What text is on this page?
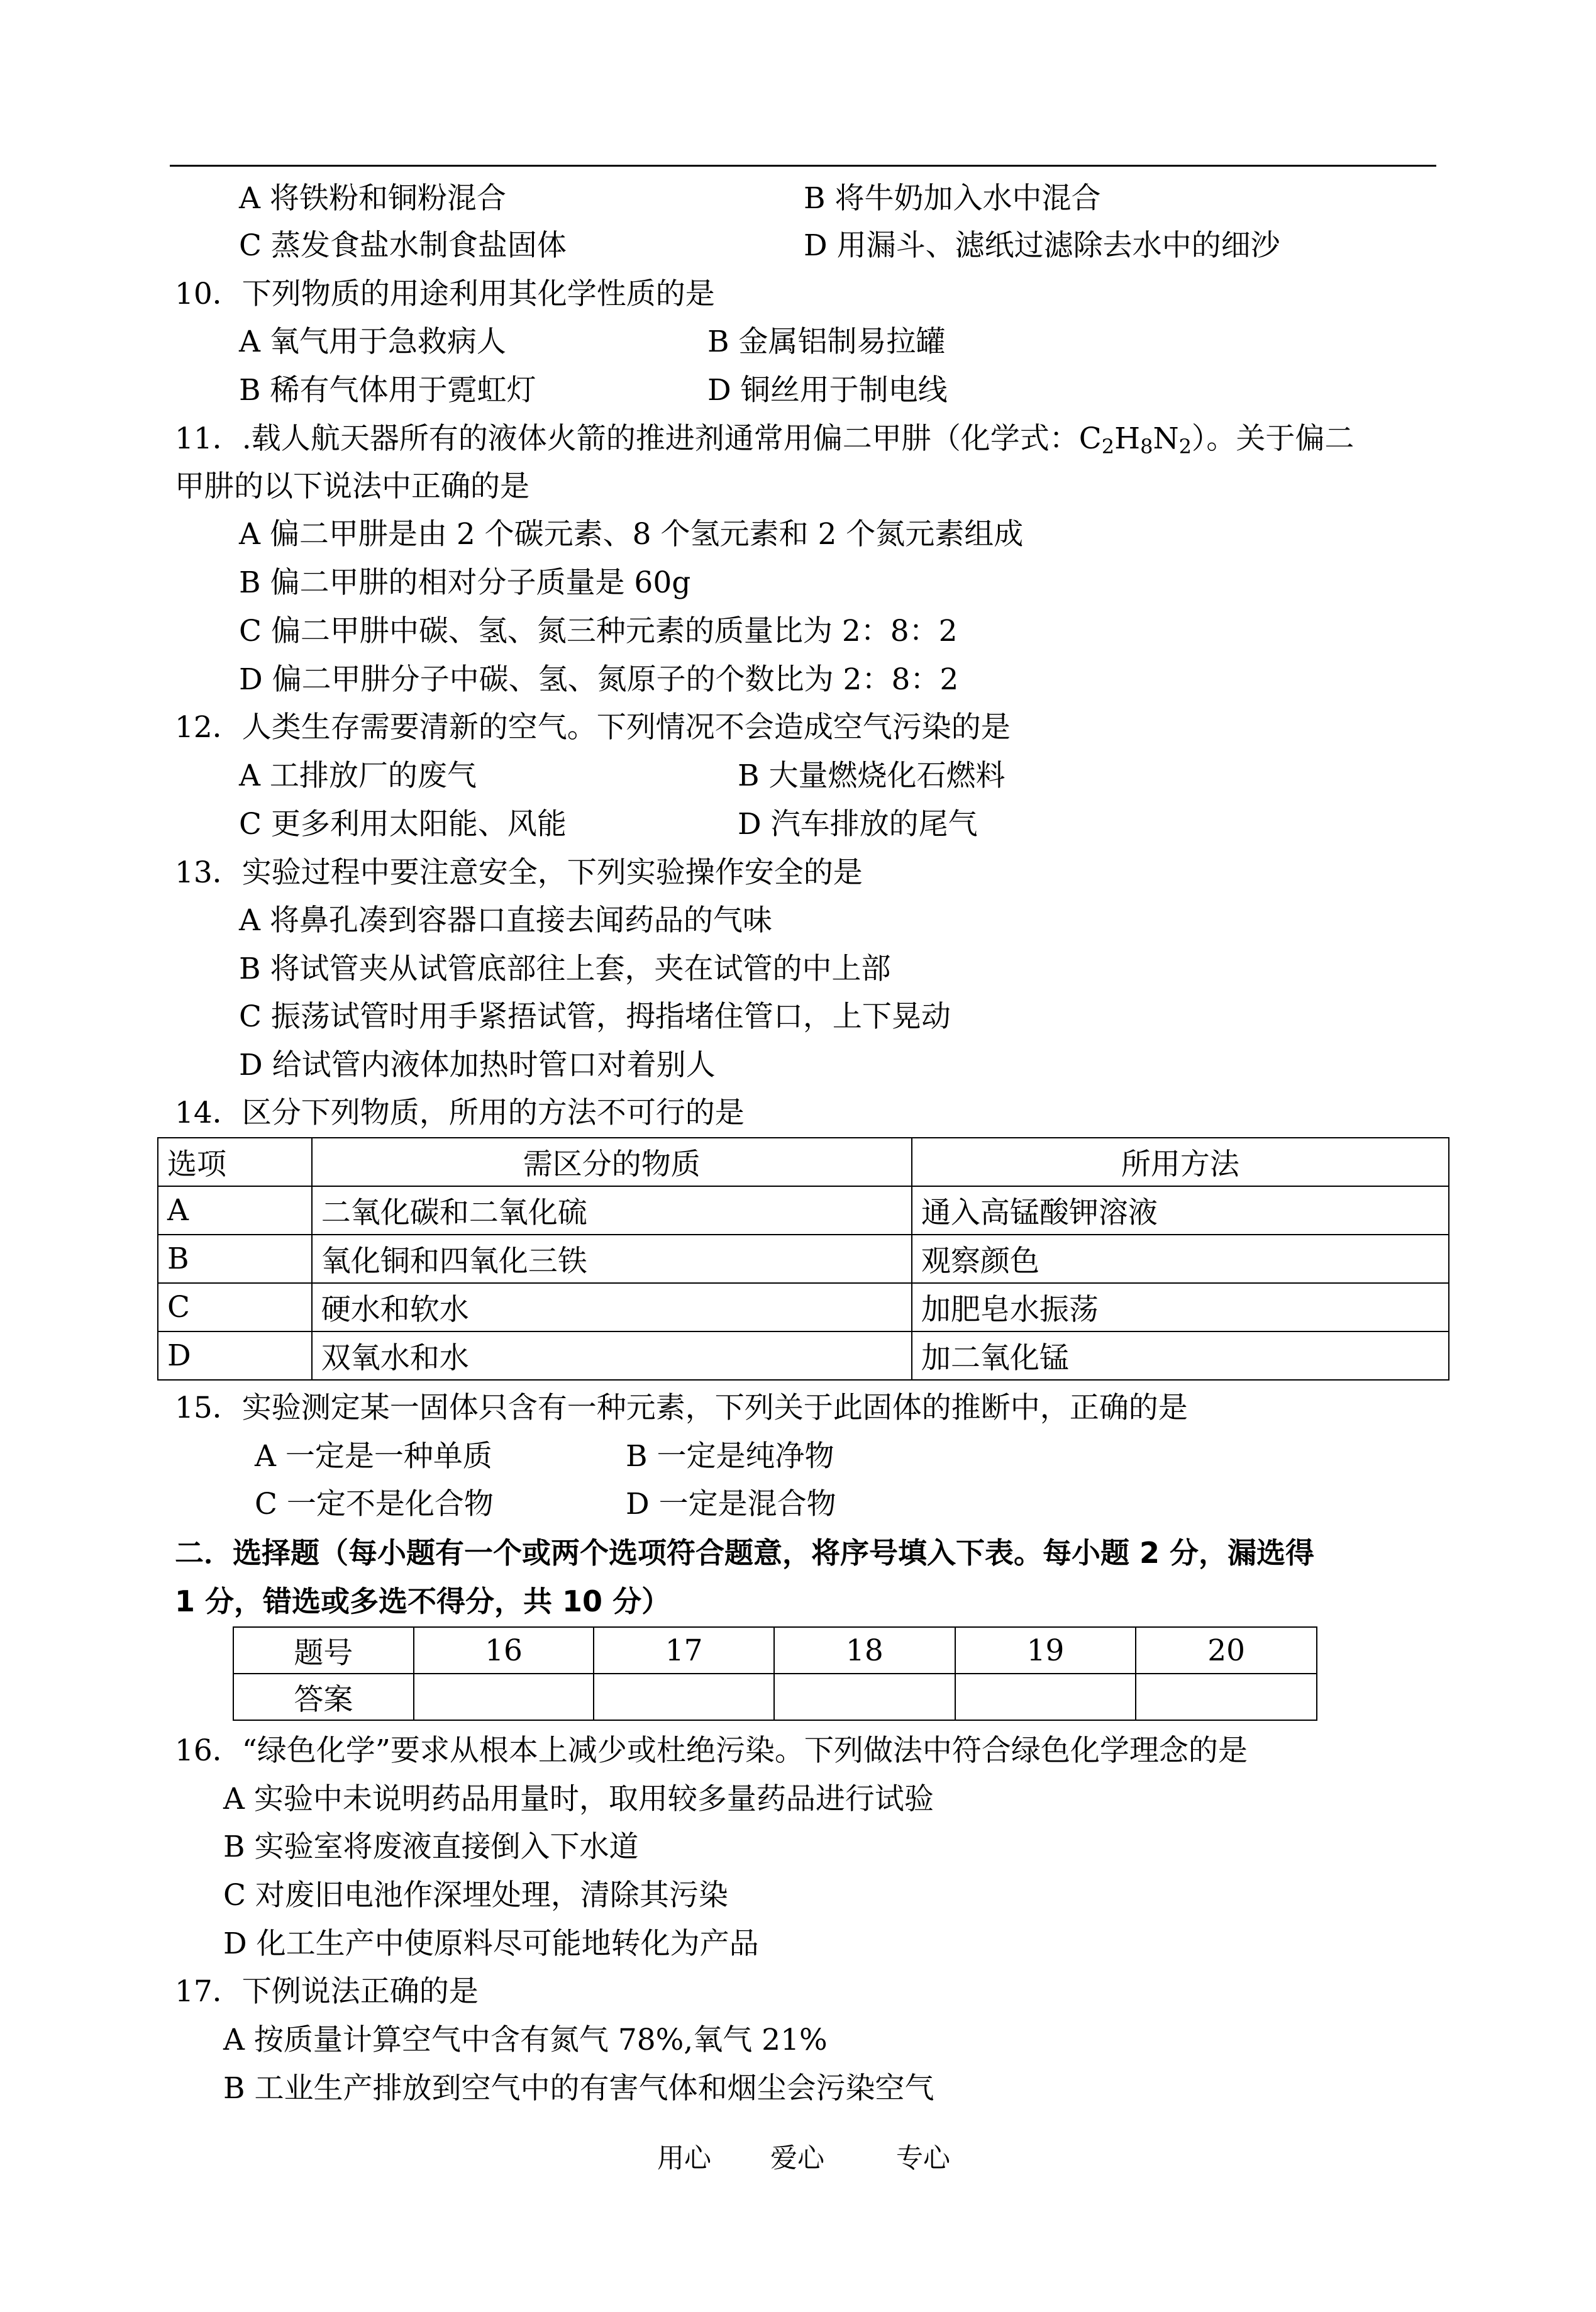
A 将铁粉和铜粉混合	B 将牛奶加入水中混合
C 蒸发食盐水制食盐固体	D 用漏斗、滤纸过滤除去水中的细沙
10．下列物质的用途利用其化学性质的是
A 氧气用于急救病人	B 金属铝制易拉罐
B 稀有气体用于霓虹灯	D 铜丝用于制电线
11．.载人航天器所有的液体火箭的推进剂通常用偏二甲肼（化学式：$C_2H_8N_2$）。关于偏二
甲肼的以下说法中正确的是
A 偏二甲肼是由 2 个碳元素、8 个氢元素和 2 个氮元素组成
B 偏二甲肼的相对分子质量是 60g
C 偏二甲肼中碳、氢、氮三种元素的质量比为 2：8：2
D 偏二甲肼分子中碳、氢、氮原子的个数比为 2：8：2
12．人类生存需要清新的空气。下列情况不会造成空气污染的是
A 工排放厂的废气	B 大量燃烧化石燃料
C 更多利用太阳能、风能	D 汽车排放的尾气
13．实验过程中要注意安全，下列实验操作安全的是
A 将鼻孔凑到容器口直接去闻药品的气味
B 将试管夹从试管底部往上套，夹在试管的中上部
C 振荡试管时用手紧捂试管，拇指堵住管口，上下晃动
D 给试管内液体加热时管口对着别人
14．区分下列物质，所用的方法不可行的是
选项	需区分的物质	所用方法
A	二氧化碳和二氧化硫	通入高锰酸钾溶液
B	氧化铜和四氧化三铁	观察颜色
C	硬水和软水	加肥皂水振荡
D	双氧水和水	加二氧化锰
15．实验测定某一固体只含有一种元素，下列关于此固体的推断中，正确的是
A 一定是一种单质	B 一定是纯净物
C 一定不是化合物	D 一定是混合物
二．选择题（每小题有一个或两个选项符合题意，将序号填入下表。每小题 2 分，漏选得
1 分，错选或多选不得分，共 10 分）
题号	16	17	18	19	20
答案					
16．“绿色化学”要求从根本上减少或杜绝污染。下列做法中符合绿色化学理念的是
A 实验中未说明药品用量时，取用较多量药品进行试验
B 实验室将废液直接倒入下水道
C 对废旧电池作深埋处理，清除其污染
D 化工生产中使原料尽可能地转化为产品
17．下例说法正确的是
A 按质量计算空气中含有氮气 78%,氧气 21%
B 工业生产排放到空气中的有害气体和烟尘会污染空气
用心 爱心	专心
